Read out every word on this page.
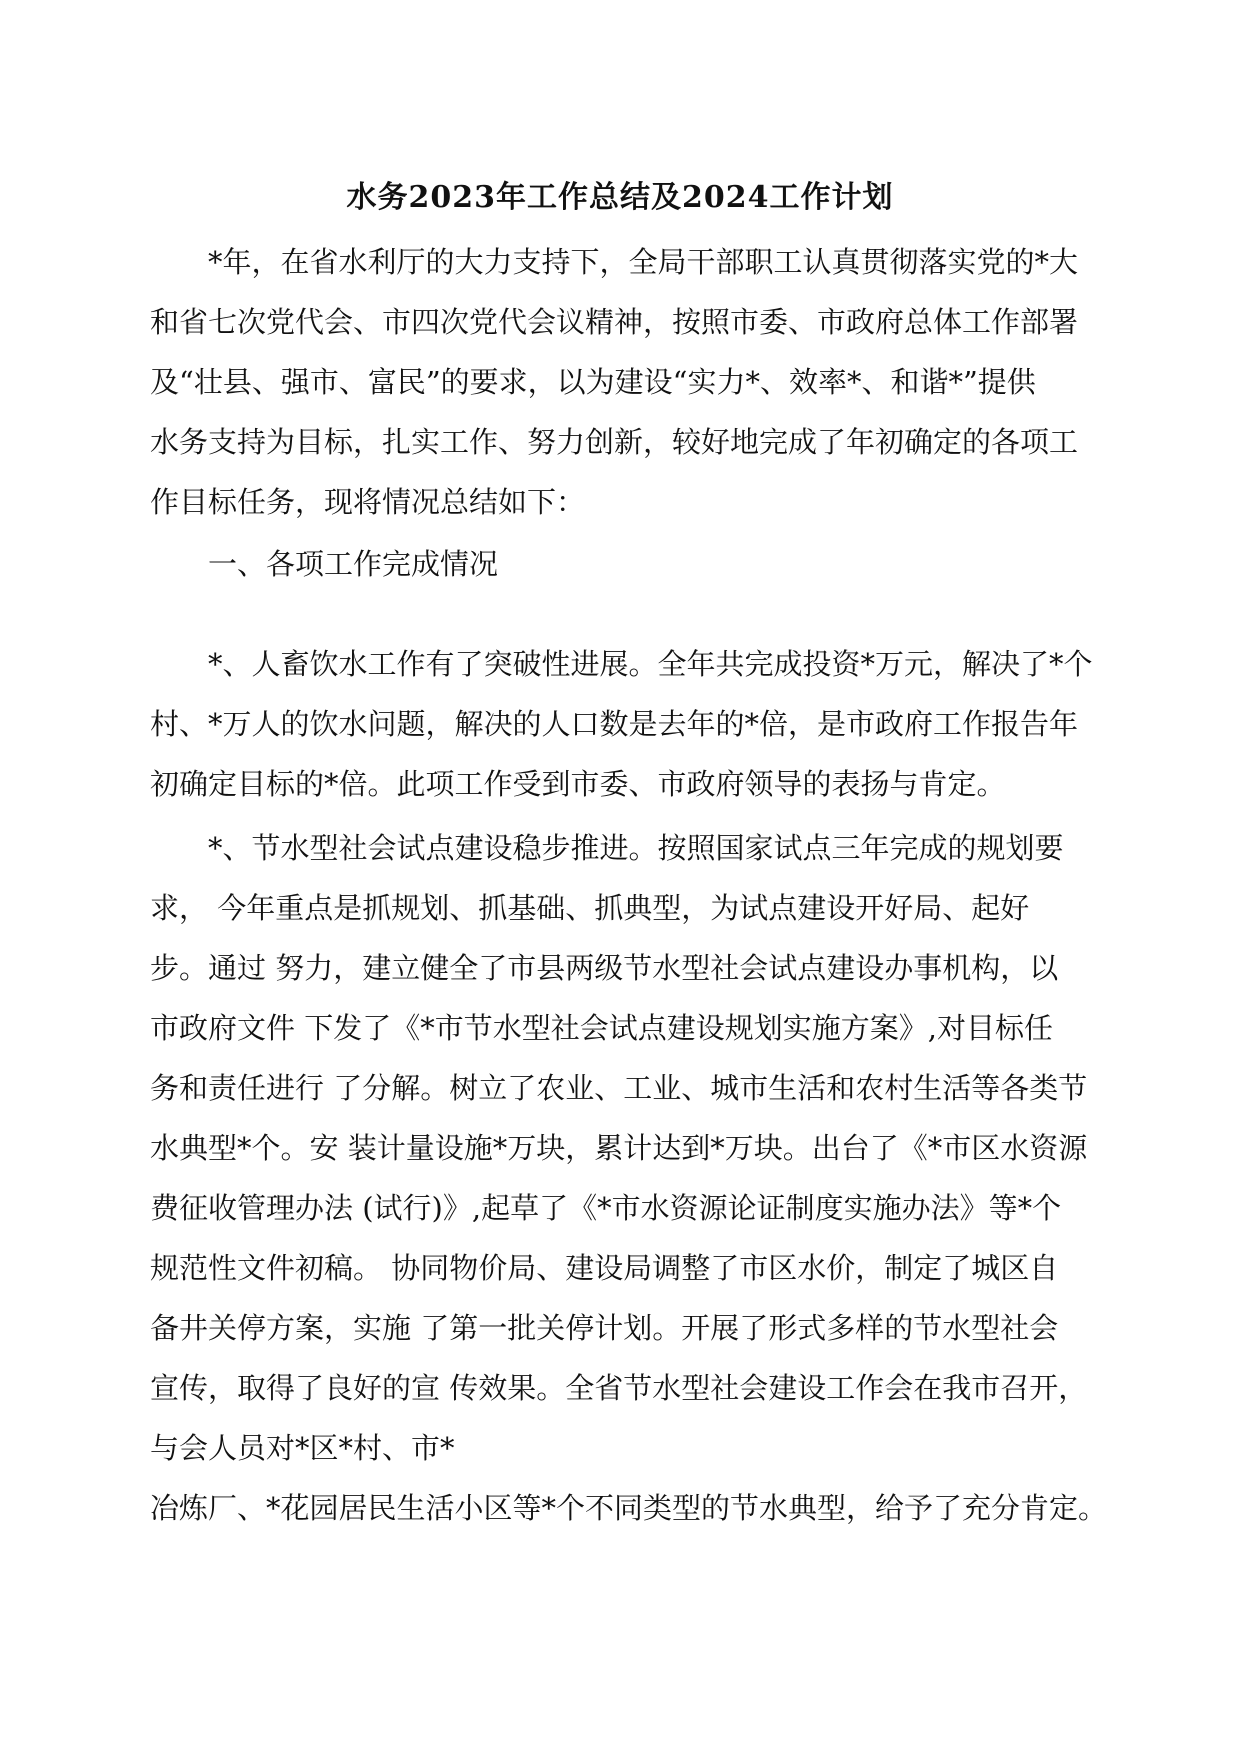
水务2023年工作总结及2024工作计划
*年，在省水利厅的大力支持下，全局干部职工认真贯彻落实党的*大
和省七次党代会、市四次党代会议精神，按照市委、市政府总体工作部署
及“壮县、强市、富民”的要求，以为建设“实力*、效率*、和谐*”提供
水务支持为目标，扎实工作、努力创新，较好地完成了年初确定的各项工
作目标任务，现将情况总结如下：
一、各项工作完成情况
*、人畜饮水工作有了突破性进展。全年共完成投资*万元，解决了*个
村、*万人的饮水问题，解决的人口数是去年的*倍，是市政府工作报告年
初确定目标的*倍。此项工作受到市委、市政府领导的表扬与肯定。
*、节水型社会试点建设稳步推进。按照国家试点三年完成的规划要
求， 今年重点是抓规划、抓基础、抓典型，为试点建设开好局、起好
步。通过 努力，建立健全了市县两级节水型社会试点建设办事机构，以
市政府文件 下发了《*市节水型社会试点建设规划实施方案》,对目标任
务和责任进行 了分解。树立了农业、工业、城市生活和农村生活等各类节
水典型*个。安 装计量设施*万块，累计达到*万块。出台了《*市区水资源
费征收管理办法 (试行)》,起草了《*市水资源论证制度实施办法》等*个
规范性文件初稿。 协同物价局、建设局调整了市区水价，制定了城区自
备井关停方案，实施 了第一批关停计划。开展了形式多样的节水型社会
宣传，取得了良好的宣 传效果。全省节水型社会建设工作会在我市召开，
与会人员对*区*村、市*
冶炼厂、*花园居民生活小区等*个不同类型的节水典型，给予了充分肯定。
